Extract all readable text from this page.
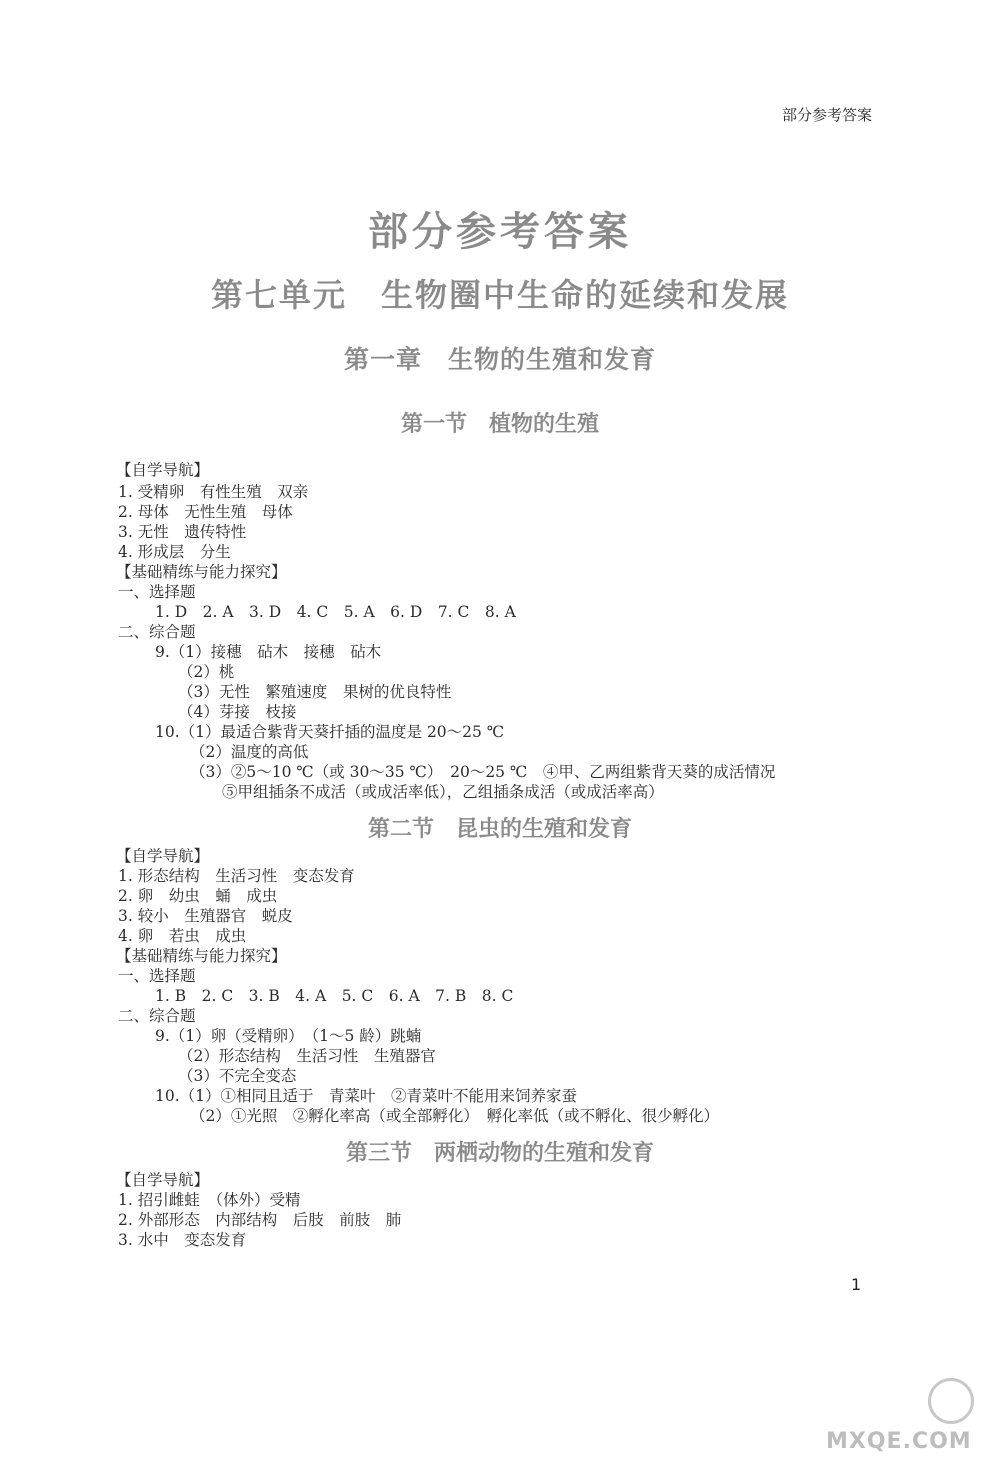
部分参考答案
部分参考答案
第七单元　生物圈中生命的延续和发展
第一章　生物的生殖和发育
第一节　植物的生殖
【自学导航】
1. 受精卵　有性生殖　双亲
2. 母体　无性生殖　母体
3. 无性　遗传特性
4. 形成层　分生
【基础精练与能力探究】
一、选择题
1. D　2. A　3. D　4. C　5. A　6. D　7. C　8. A
二、综合题
9.（1）接穗　砧木　接穗　砧木
（2）桃
（3）无性　繁殖速度　果树的优良特性
（4）芽接　枝接
10.（1）最适合紫背天葵扦插的温度是 20～25 ℃
（2）温度的高低
（3）②5～10 ℃（或 30～35 ℃）　20～25 ℃　④甲、乙两组紫背天葵的成活情况
⑤甲组插条不成活（或成活率低），乙组插条成活（或成活率高）
第二节　昆虫的生殖和发育
【自学导航】
1. 形态结构　生活习性　变态发育
2. 卵　幼虫　蛹　成虫
3. 较小　生殖器官　蜕皮
4. 卵　若虫　成虫
【基础精练与能力探究】
一、选择题
1. B　2. C　3. B　4. A　5. C　6. A　7. B　8. C
二、综合题
9.（1）卵（受精卵）　（1～5 龄）跳蝻
（2）形态结构　生活习性　生殖器官
（3）不完全变态
10.（1）①相同且适于　青菜叶　②青菜叶不能用来饲养家蚕
（2）①光照　②孵化率高（或全部孵化）　孵化率低（或不孵化、很少孵化）
第三节　两栖动物的生殖和发育
【自学导航】
1. 招引雌蛙　（体外）受精
2. 外部形态　内部结构　后肢　前肢　肺
3. 水中　变态发育
1
MXQE.COM
